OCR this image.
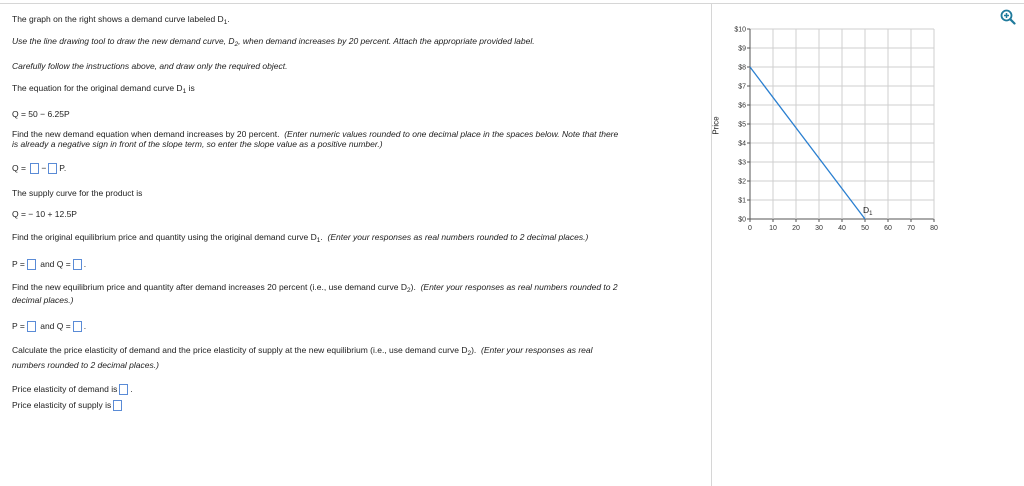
The graph on the right shows a demand curve labeled $D_1$.
Use the line drawing tool to draw the new demand curve, $D_2$, when demand increases by 20 percent. Attach the appropriate provided label.
Carefully follow the instructions above, and draw only the required object.
The equation for the original demand curve $D_1$ is
Q = 50 − 6.25P
Find the new demand equation when demand increases by 20 percent. (Enter numeric values rounded to one decimal place in the spaces below. Note that there
is already a negative sign in front of the slope term, so enter the slope value as a positive number.)
Q = − P.
The supply curve for the product is
Q = − 10 + 12.5P
Find the original equilibrium price and quantity using the original demand curve $D_1$. (Enter your responses as real numbers rounded to 2 decimal places.)
P = and Q = .
Find the new equilibrium price and quantity after demand increases 20 percent (i.e., use demand curve $D_2$). (Enter your responses as real numbers rounded to 2
decimal places.)
P = and Q = .
Calculate the price elasticity of demand and the price elasticity of supply at the new equilibrium (i.e., use demand curve $D_2$). (Enter your responses as real
numbers rounded to 2 decimal places.)
Price elasticity of demand is .
Price elasticity of supply is
Price
$0
$1
$2
$3
$4
$5
$6
$7
$8
$9
$10
0 10 20 30 40 50 60 70 80
$D_1$
